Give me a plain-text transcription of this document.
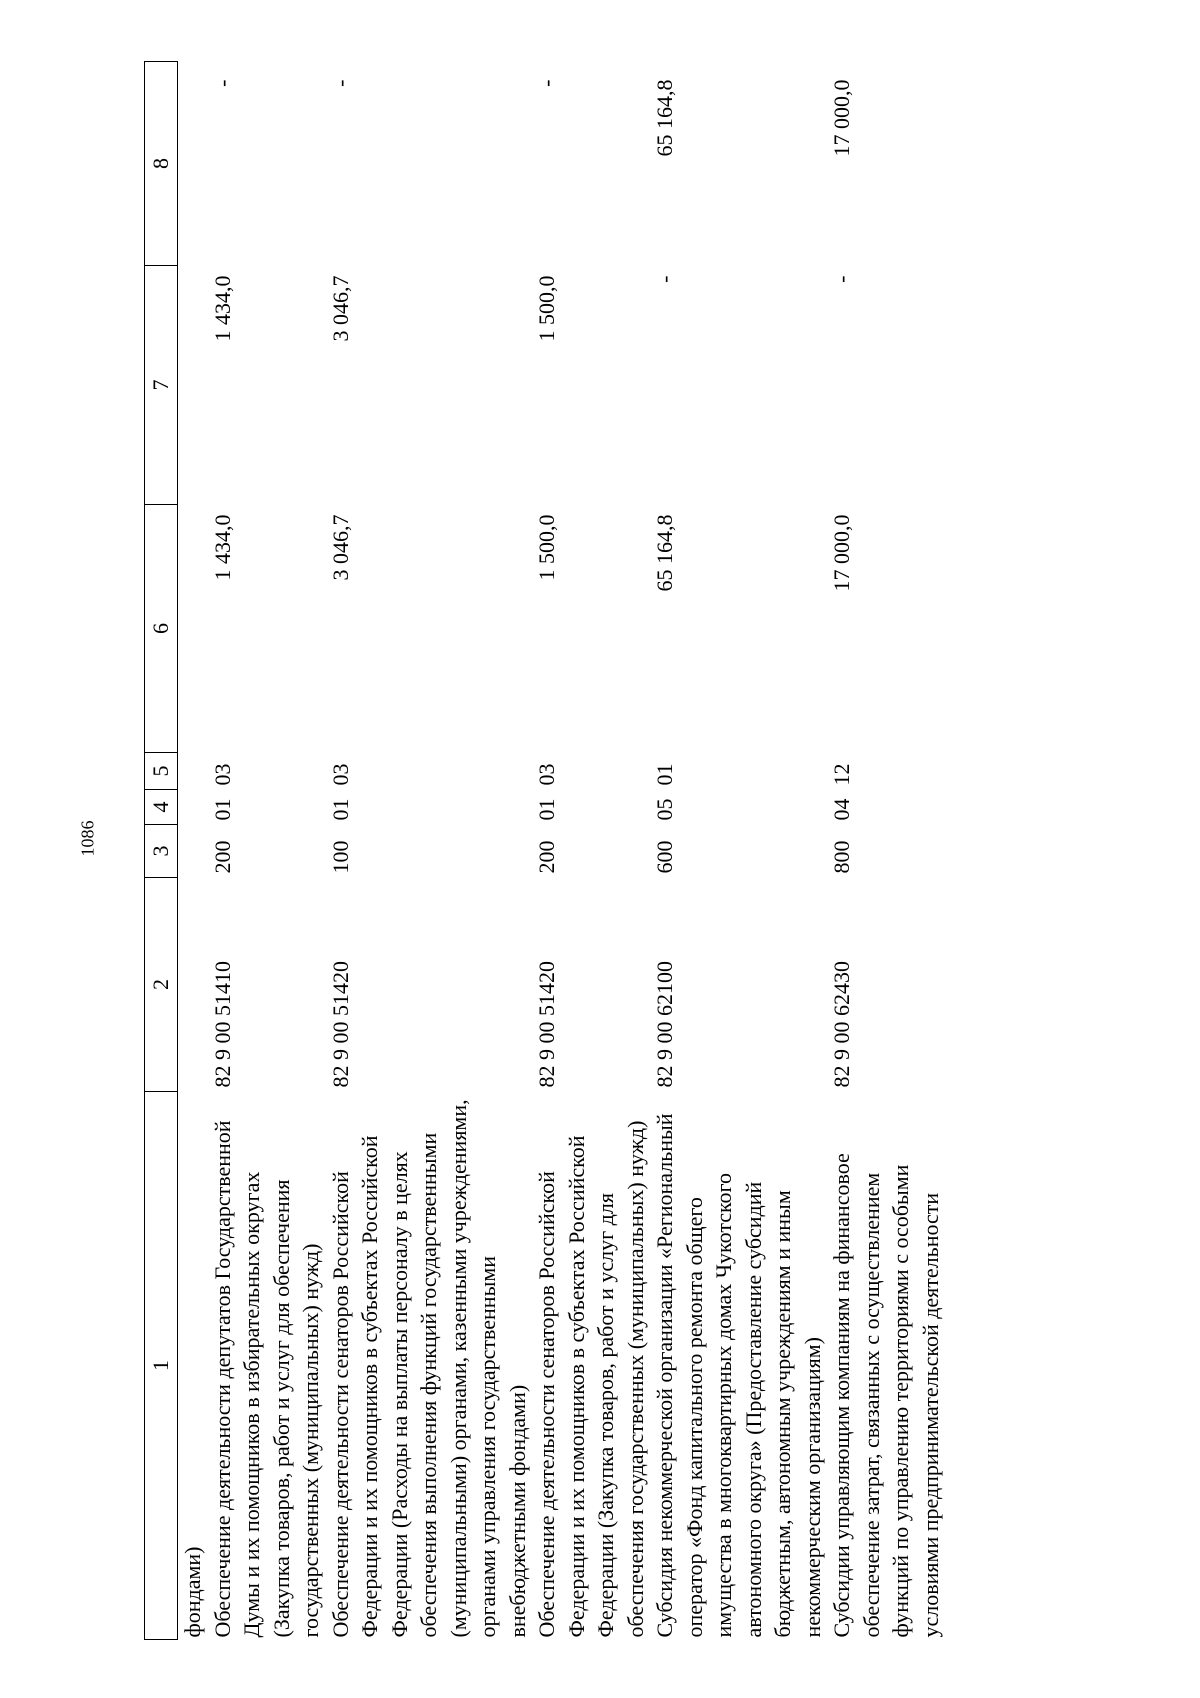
1086
1	2	3	4	5	6	7	8
фондами)							
Обеспечение деятельности депутатов Государственной Думы и их помощников в избирательных округах (Закупка товаров, работ и услуг для обеспечения государственных (муниципальных) нужд)	82 9 00 51410	200	01	03	1 434,0	1 434,0	-
Обеспечение деятельности сенаторов Российской Федерации и их помощников в субъектах Российской Федерации (Расходы на выплаты персоналу в целях обеспечения выполнения функций государственными (муниципальными) органами, казенными учреждениями, органами управления государственными внебюджетными фондами)	82 9 00 51420	100	01	03	3 046,7	3 046,7	-
Обеспечение деятельности сенаторов Российской Федерации и их помощников в субъектах Российской Федерации (Закупка товаров, работ и услуг для обеспечения государственных (муниципальных) нужд)	82 9 00 51420	200	01	03	1 500,0	1 500,0	-
Субсидия некоммерческой организации «Региональный оператор «Фонд капитального ремонта общего имущества в многоквартирных домах Чукотского автономного округа» (Предоставление субсидий бюджетным, автономным учреждениям и иным некоммерческим организациям)	82 9 00 62100	600	05	01	65 164,8	-	65 164,8
Субсидии управляющим компаниям на финансовое обеспечение затрат, связанных с осуществлением функций по управлению территориями с особыми условиями предпринимательской деятельности	82 9 00 62430	800	04	12	17 000,0	-	17 000,0
